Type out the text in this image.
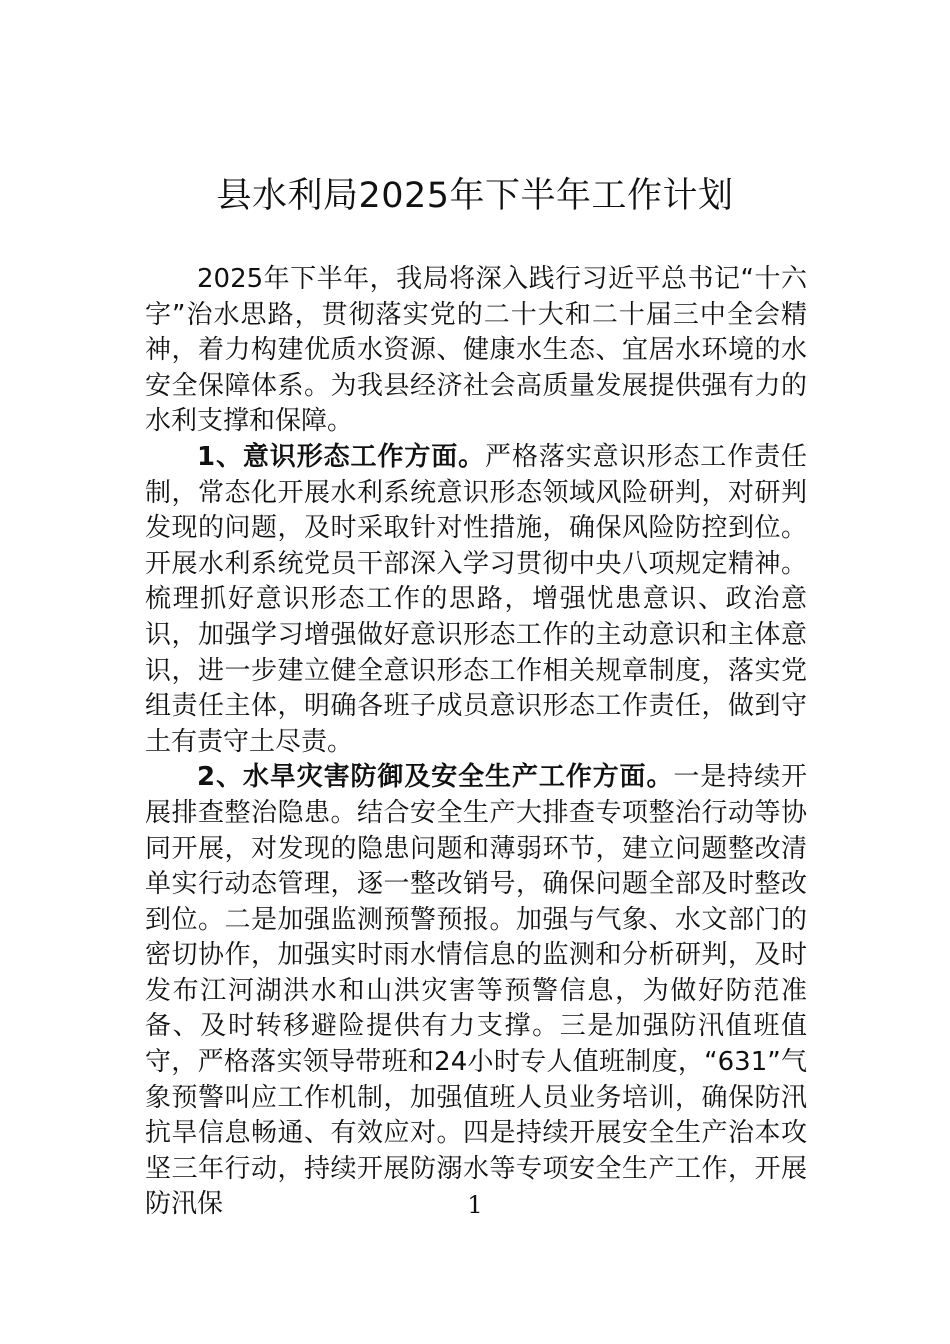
县水利局2025年下半年工作计划

2025年下半年，我局将深入践行习近平总书记“十六字”治水思路，贯彻落实党的二十大和二十届三中全会精神，着力构建优质水资源、健康水生态、宜居水环境的水安全保障体系。为我县经济社会高质量发展提供强有力的水利支撑和保障。

1、意识形态工作方面。严格落实意识形态工作责任制，常态化开展水利系统意识形态领域风险研判，对研判发现的问题，及时采取针对性措施，确保风险防控到位。开展水利系统党员干部深入学习贯彻中央八项规定精神。梳理抓好意识形态工作的思路，增强忧患意识、政治意识，加强学习增强做好意识形态工作的主动意识和主体意识，进一步建立健全意识形态工作相关规章制度，落实党组责任主体，明确各班子成员意识形态工作责任，做到守土有责守土尽责。

2、水旱灾害防御及安全生产工作方面。一是持续开展排查整治隐患。结合安全生产大排查专项整治行动等协同开展，对发现的隐患问题和薄弱环节，建立问题整改清单实行动态管理，逐一整改销号，确保问题全部及时整改到位。二是加强监测预警预报。加强与气象、水文部门的密切协作，加强实时雨水情信息的监测和分析研判，及时发布江河湖洪水和山洪灾害等预警信息，为做好防范准备、及时转移避险提供有力支撑。三是加强防汛值班值守，严格落实领导带班和24小时专人值班制度，“631”气象预警叫应工作机制，加强值班人员业务培训，确保防汛抗旱信息畅通、有效应对。四是持续开展安全生产治本攻坚三年行动，持续开展防溺水等专项安全生产工作，开展防汛保	1
